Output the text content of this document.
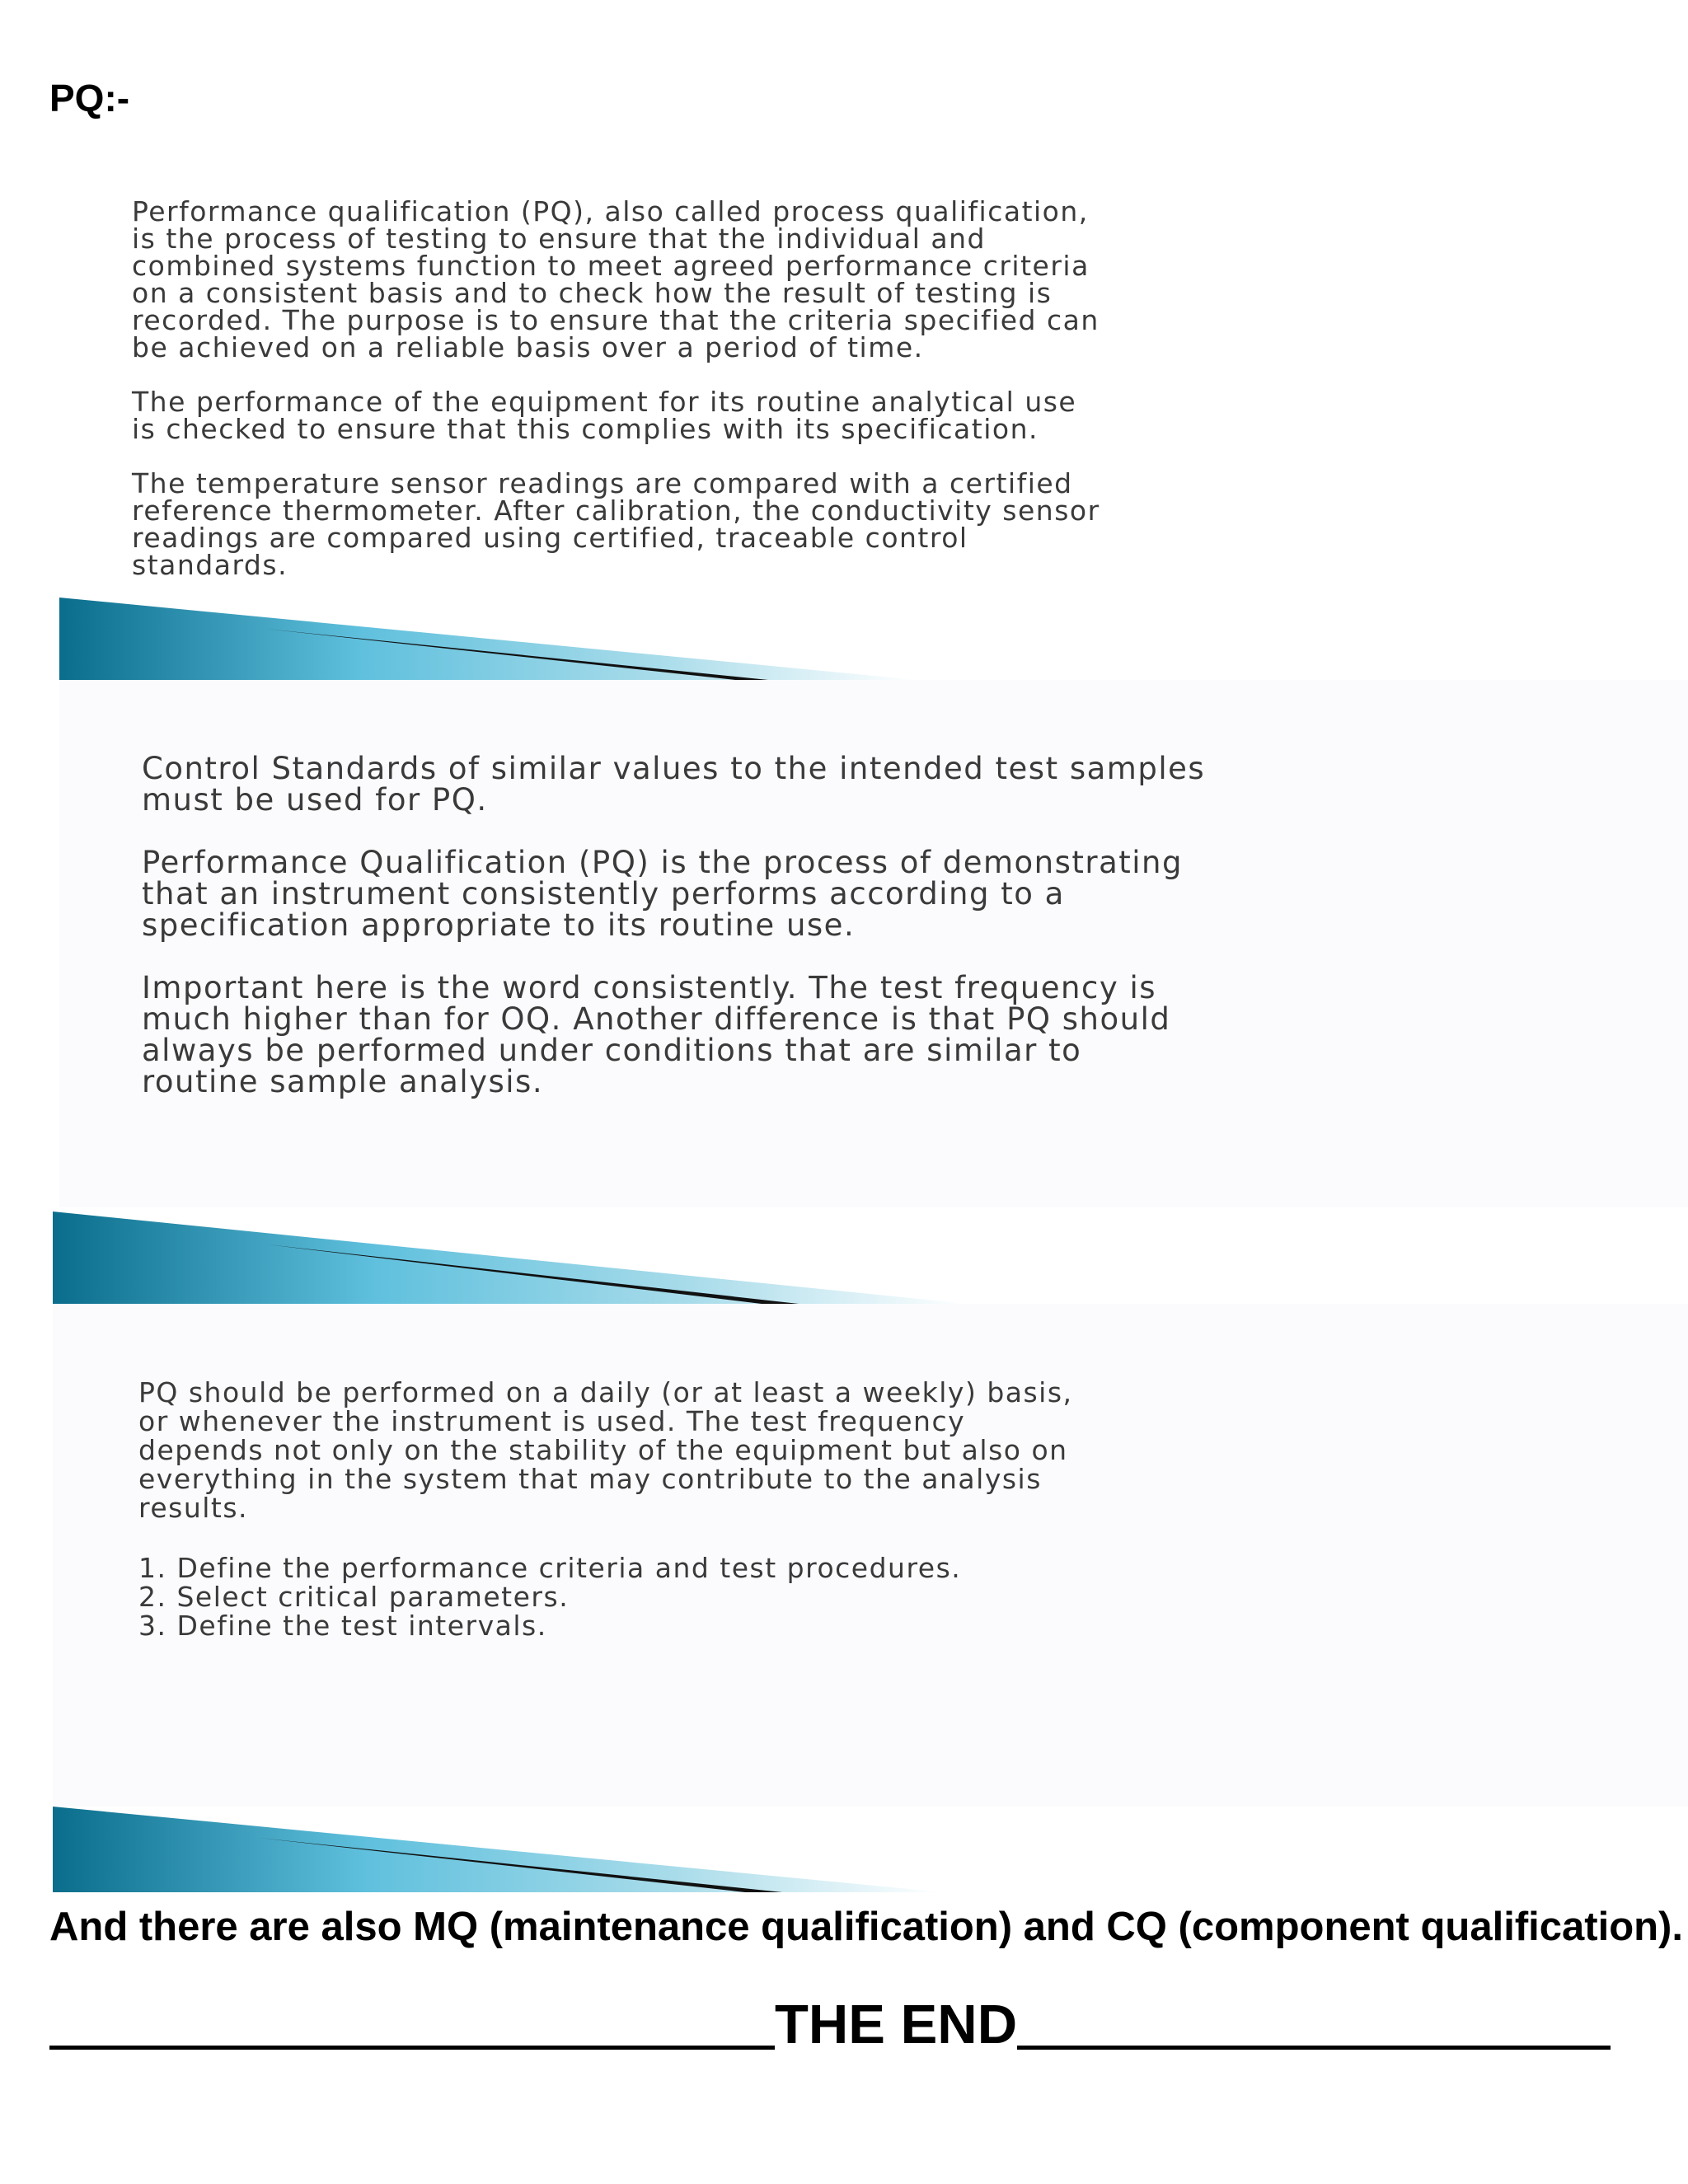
PQ:-

Performance qualification (PQ), also called process qualification,
is the process of testing to ensure that the individual and
combined systems function to meet agreed performance criteria
on a consistent basis and to check how the result of testing is
recorded. The purpose is to ensure that the criteria specified can
be achieved on a reliable basis over a period of time.

The performance of the equipment for its routine analytical use
is checked to ensure that this complies with its specification.

The temperature sensor readings are compared with a certified
reference thermometer. After calibration, the conductivity sensor
readings are compared using certified, traceable control
standards.

Control Standards of similar values to the intended test samples
must be used for PQ.

Performance Qualification (PQ) is the process of demonstrating
that an instrument consistently performs according to a
specification appropriate to its routine use.

Important here is the word consistently. The test frequency is
much higher than for OQ. Another difference is that PQ should
always be performed under conditions that are similar to
routine sample analysis.

PQ should be performed on a daily (or at least a weekly) basis,
or whenever the instrument is used. The test frequency
depends not only on the stability of the equipment but also on
everything in the system that may contribute to the analysis
results.

1. Define the performance criteria and test procedures.
2. Select critical parameters.
3. Define the test intervals.

And there are also MQ (maintenance qualification) and CQ (component qualification).

THE END
